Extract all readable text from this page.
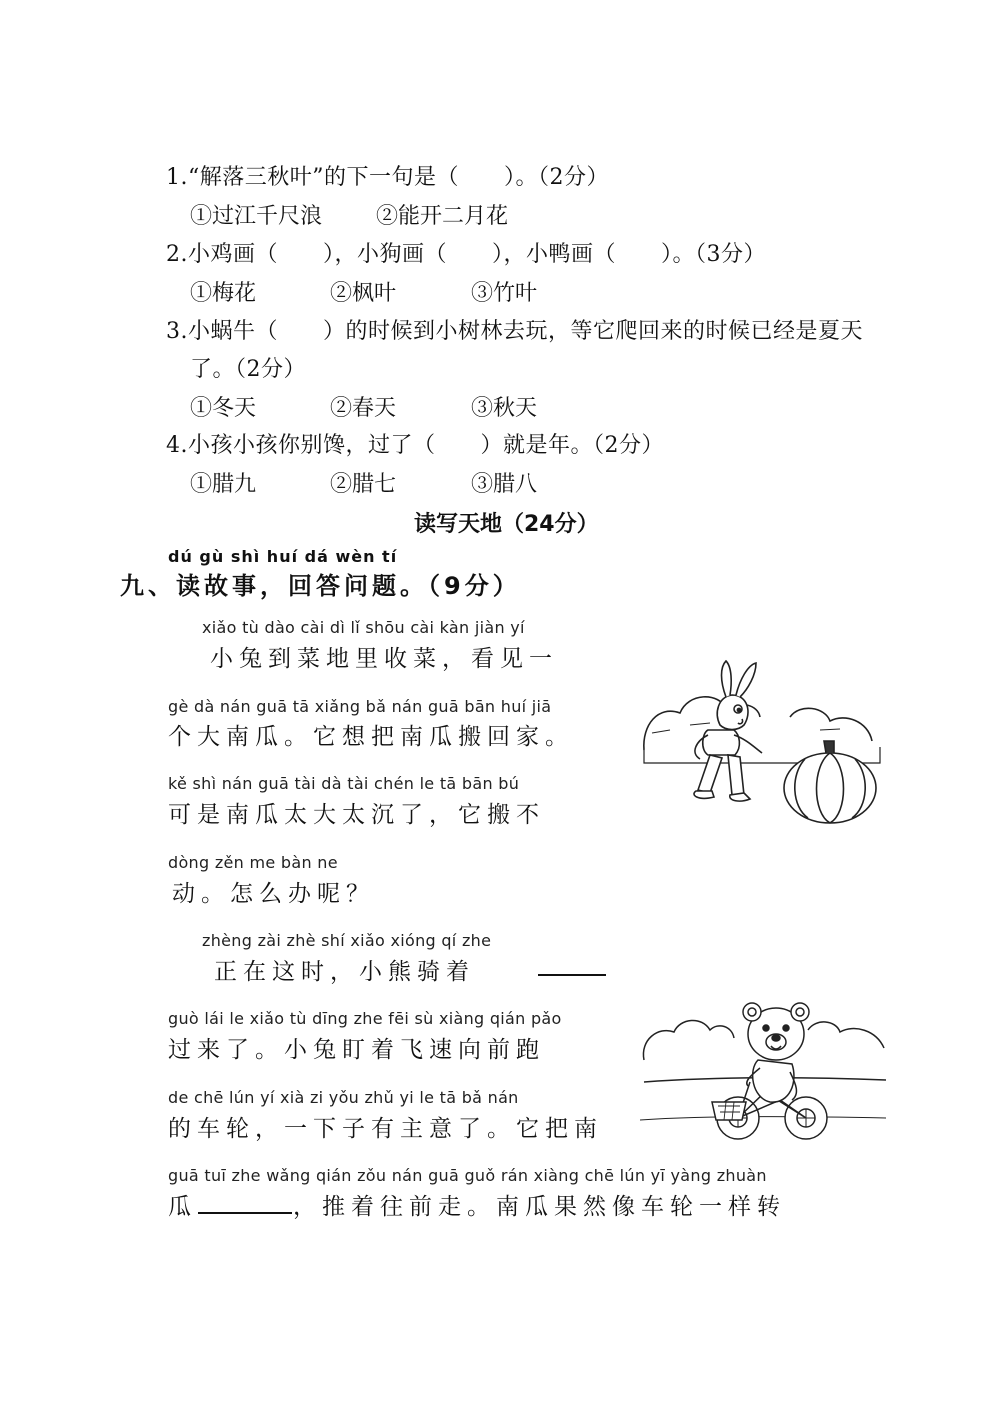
1.“解落三秋叶”的下一句是（　　）。（2分）
①过江千尺浪 ②能开二月花
2.小鸡画（　　），小狗画（　　），小鸭画（　　）。（3分）
①梅花	②枫叶	③竹叶
3.小蜗牛（　　）的时候到小树林去玩，等它爬回来的时候已经是夏天
了。（2分）
①冬天	②春天	③秋天
4.小孩小孩你别馋，过了（　　）就是年。（2分）
①腊九	②腊七	③腊八
读写天地（24分）
dú gù shì huí dá wèn tí
九、读故事，回答问题。（9分）
xiǎo tù dào cài dì lǐ shōu cài kàn jiàn yí
小兔到菜地里收菜，看见一
gè dà nán guā tā xiǎng bǎ nán guā bān huí jiā
个大南瓜。它想把南瓜搬回家。
kě shì nán guā tài dà tài chén le tā bān bú
可是南瓜太大太沉了，它搬不
dòng zěn me bàn ne
动。怎么办呢？
zhèng zài zhè shí xiǎo xióng qí zhe
正在这时，小熊骑着
guò lái le xiǎo tù dīng zhe fēi sù xiàng qián pǎo
过来了。小兔盯着飞速向前跑
de chē lún yí xià zi yǒu zhǔ yi le tā bǎ nán
的车轮，一下子有主意了。它把南
guā tuī zhe wǎng qián zǒu nán guā guǒ rán xiàng chē lún yī yàng zhuàn
瓜	，推着往前走。南瓜果然像车轮一样转
